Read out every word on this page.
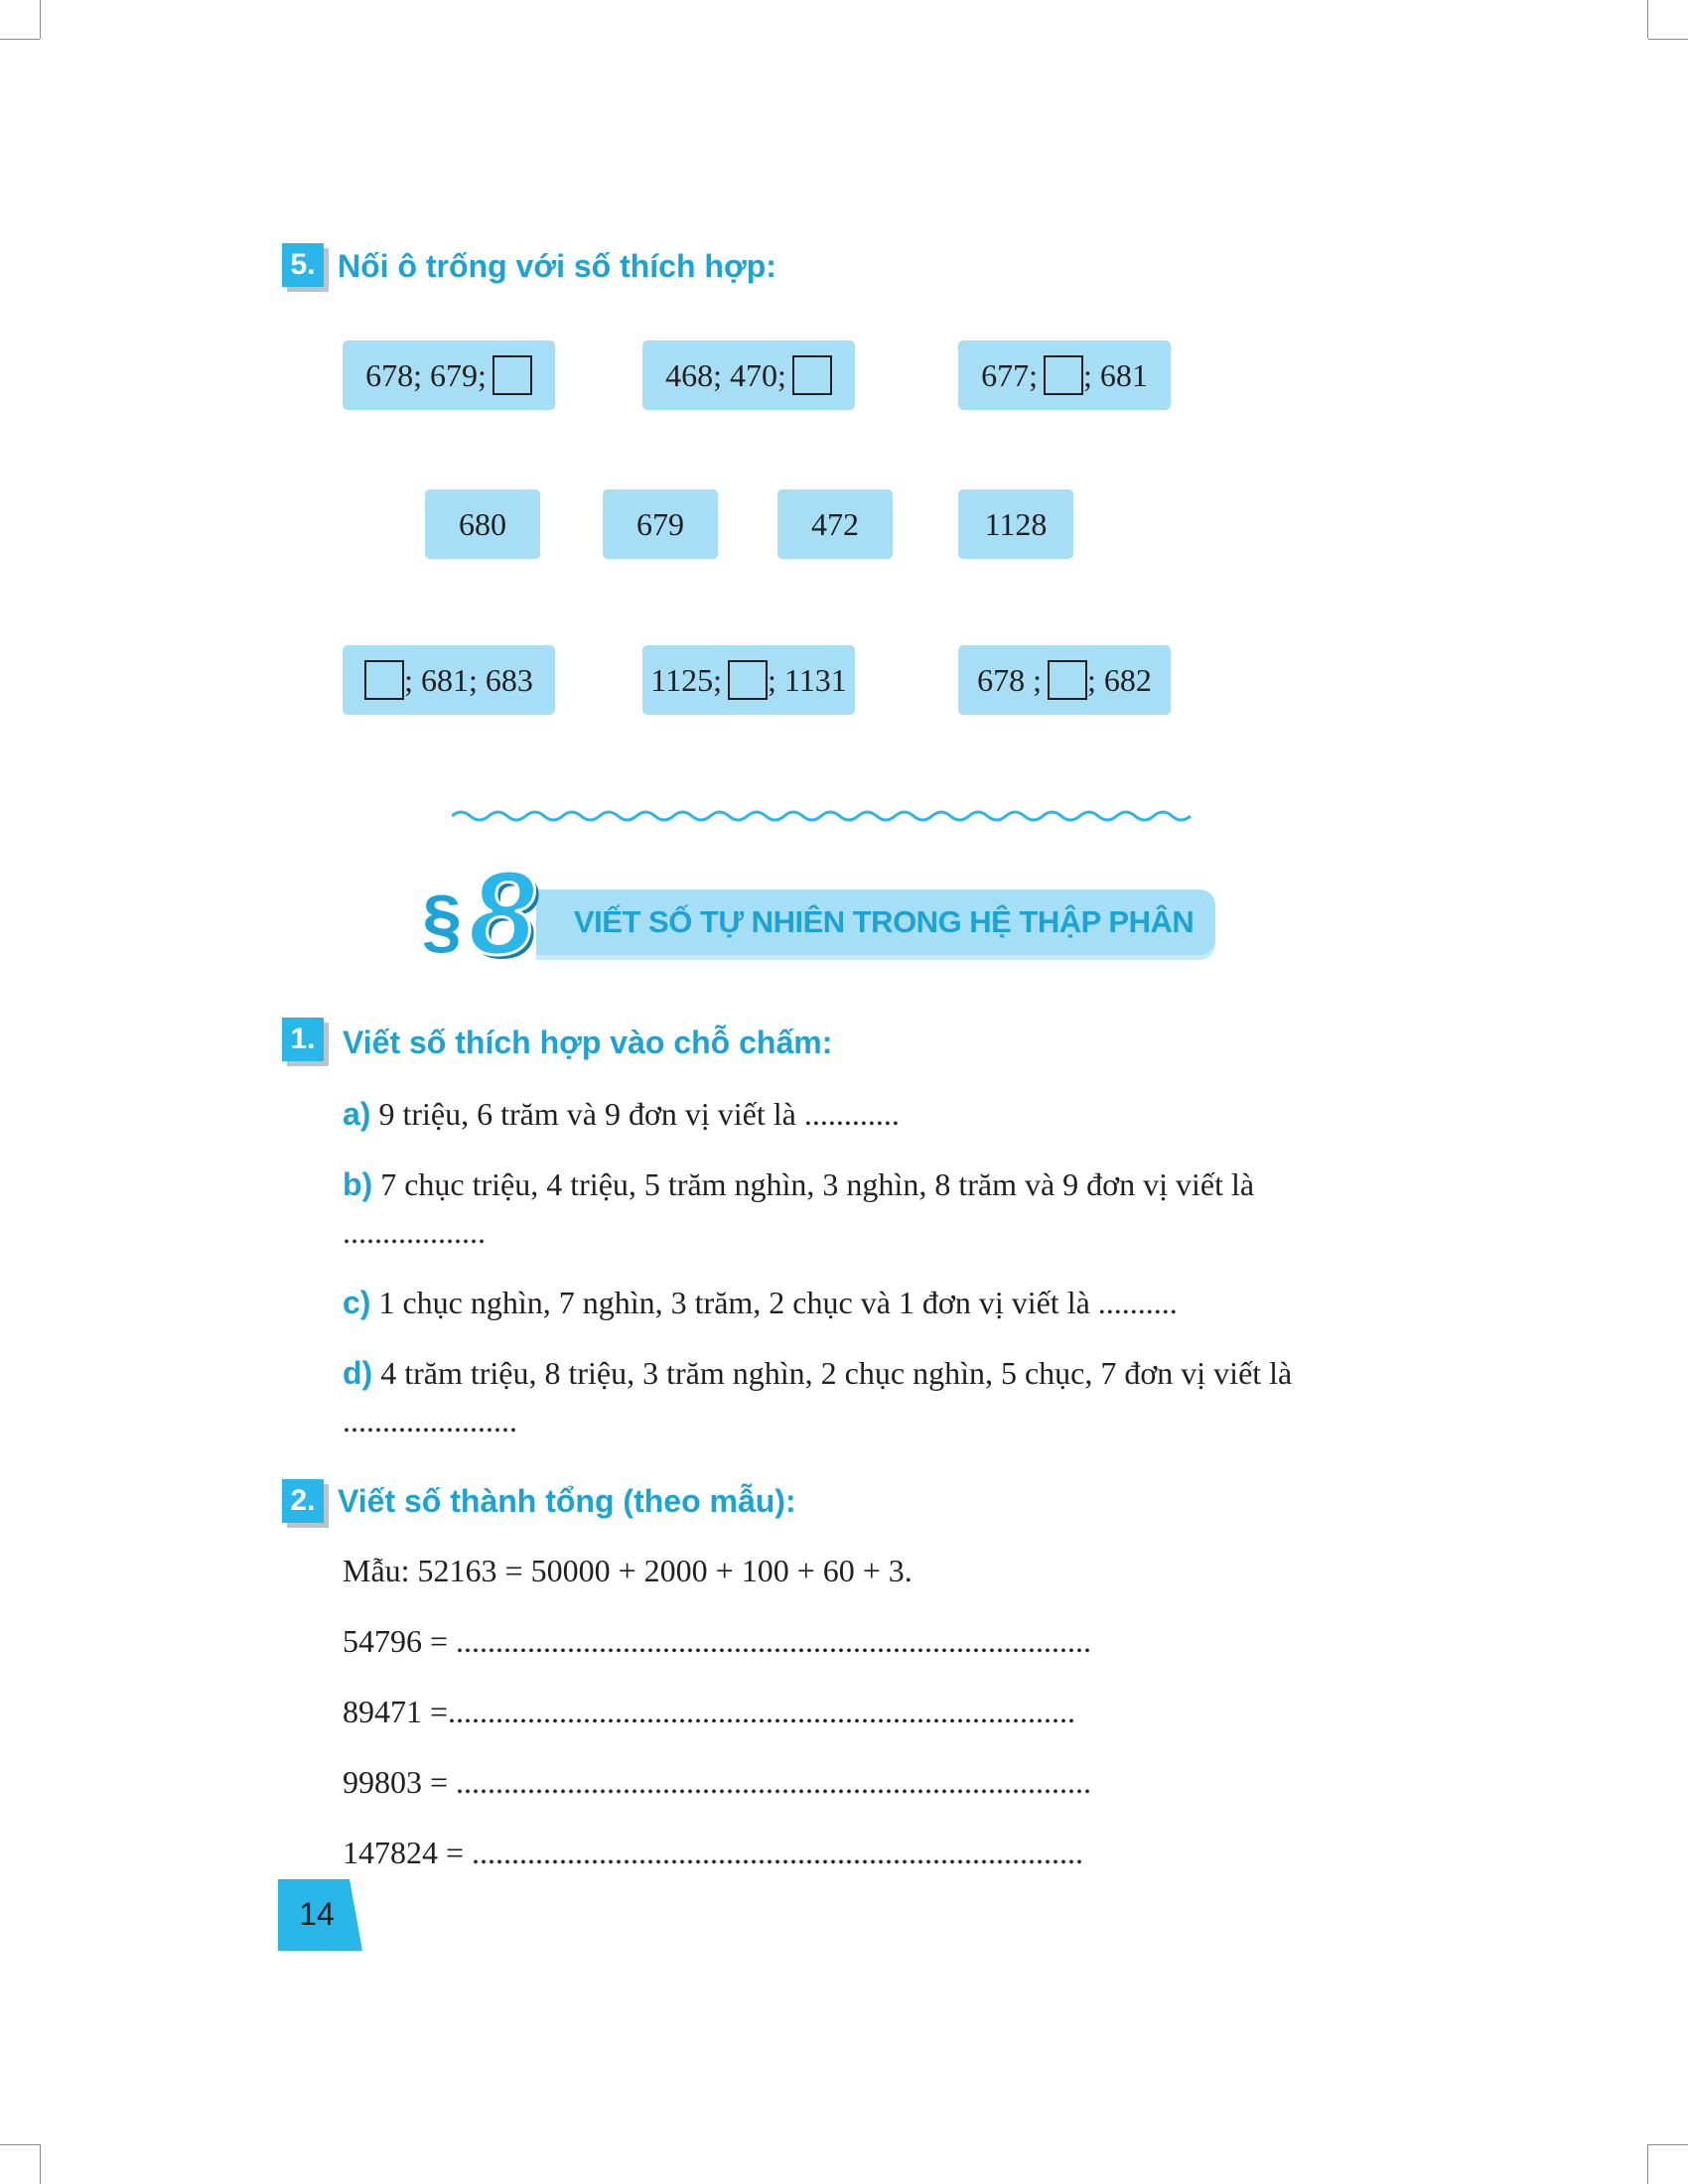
5. Nối ô trống với số thích hợp:
678; 679;	468; 470;	677; ; 681
680	679	472	1128
; 681; 683	1125; ; 1131	678 ; ; 682
VIẾT SỐ TỰ NHIÊN TRONG HỆ THẬP PHÂN
§ 8
1. Viết số thích hợp vào chỗ chấm:
a) 9 triệu, 6 trăm và 9 đơn vị viết là ............
b) 7 chục triệu, 4 triệu, 5 trăm nghìn, 3 nghìn, 8 trăm và 9 đơn vị viết là
..................
c) 1 chục nghìn, 7 nghìn, 3 trăm, 2 chục và 1 đơn vị viết là ..........
d) 4 trăm triệu, 8 triệu, 3 trăm nghìn, 2 chục nghìn, 5 chục, 7 đơn vị viết là
......................
2. Viết số thành tổng (theo mẫu):
Mẫu: 52163 = 50000 + 2000 + 100 + 60 + 3.
54796 = ................................................................................
89471 =...............................................................................
99803 = ................................................................................
147824 = .............................................................................
14
